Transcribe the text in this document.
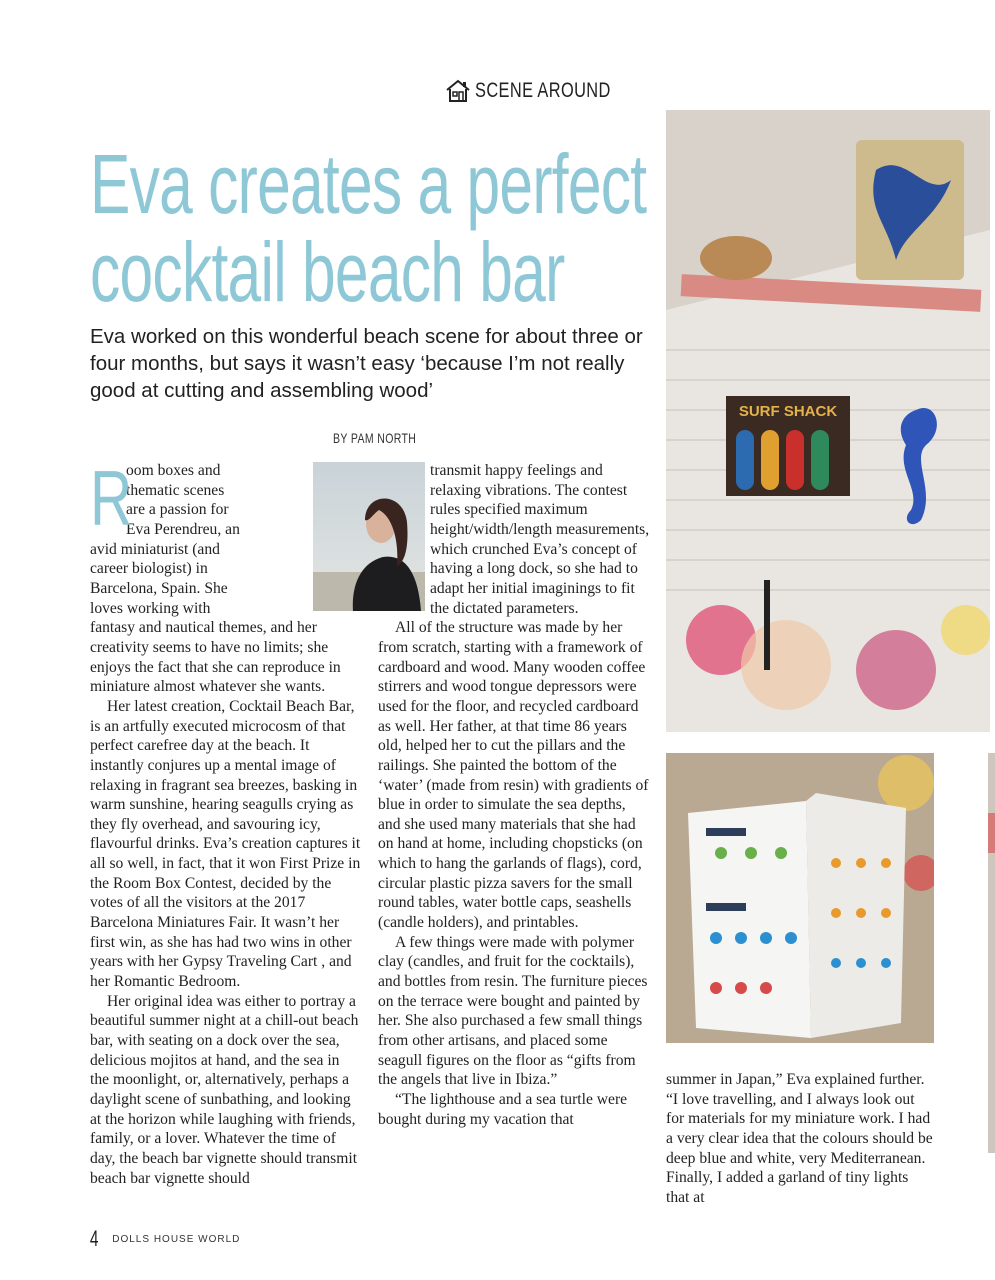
SCENE AROUND
Eva creates a perfect
cocktail beach bar

Eva worked on this wonderful beach scene for about three or four months, but says it wasn’t easy ‘because I’m not really good at cutting and assembling wood’

BY PAM NORTH
R

oom boxes and thematic scenes are a passion for Eva Perendreu, an avid miniaturist (and career biologist) in Barcelona, Spain. She loves working with fantasy and nautical themes, and her creativity seems to have no limits; she enjoys the fact that she can reproduce in miniature almost whatever she wants.

Her latest creation, Cocktail Beach Bar, is an artfully executed microcosm of that perfect carefree day at the beach. It instantly conjures up a mental image of relaxing in fragrant sea breezes, basking in warm sunshine, hearing seagulls crying as they fly overhead, and savouring icy, flavourful drinks. Eva’s creation captures it all so well, in fact, that it won First Prize in the Room Box Contest, decided by the votes of all the visitors at the 2017 Barcelona Miniatures Fair. It wasn’t her first win, as she has had two wins in other years with her Gypsy Traveling Cart , and her Romantic Bedroom.

Her original idea was either to portray a beautiful summer night at a chill-out beach bar, with seating on a dock over the sea, delicious mojitos at hand, and the sea in the moonlight, or, alternatively, perhaps a daylight scene of sunbathing, and looking at the horizon while laughing with friends, family, or a lover. Whatever the time of day, the beach bar vignette should transmit beach bar vignette should

transmit happy feelings and relaxing vibrations. The contest rules specified maximum height/width/length measurements, which crunched Eva’s concept of having a long dock, so she had to adapt her initial imaginings to fit the dictated parameters.

All of the structure was made by her from scratch, starting with a framework of cardboard and wood. Many wooden coffee stirrers and wood tongue depressors were used for the floor, and recycled cardboard as well. Her father, at that time 86 years old, helped her to cut the pillars and the railings. She painted the bottom of the ‘water’ (made from resin) with gradients of blue in order to simulate the sea depths, and she used many materials that she had on hand at home, including chopsticks (on which to hang the garlands of flags), cord, circular plastic pizza savers for the small round tables, water bottle caps, seashells (candle holders), and printables.

A few things were made with polymer clay (candles, and fruit for the cocktails), and bottles from resin. The furniture pieces on the terrace were bought and painted by her. She also purchased a few small things from other artisans, and placed some seagull figures on the floor as “gifts from the angels that live in Ibiza.”

“The lighthouse and a sea turtle were bought during my vacation that

summer in Japan,” Eva explained further. “I love travelling, and I always look out for materials for my miniature work. I had a very clear idea that the colours should be deep blue and white, very Mediterranean. Finally, I added a garland of tiny lights that at

SURF SHACK
4 DOLLS HOUSE WORLD
